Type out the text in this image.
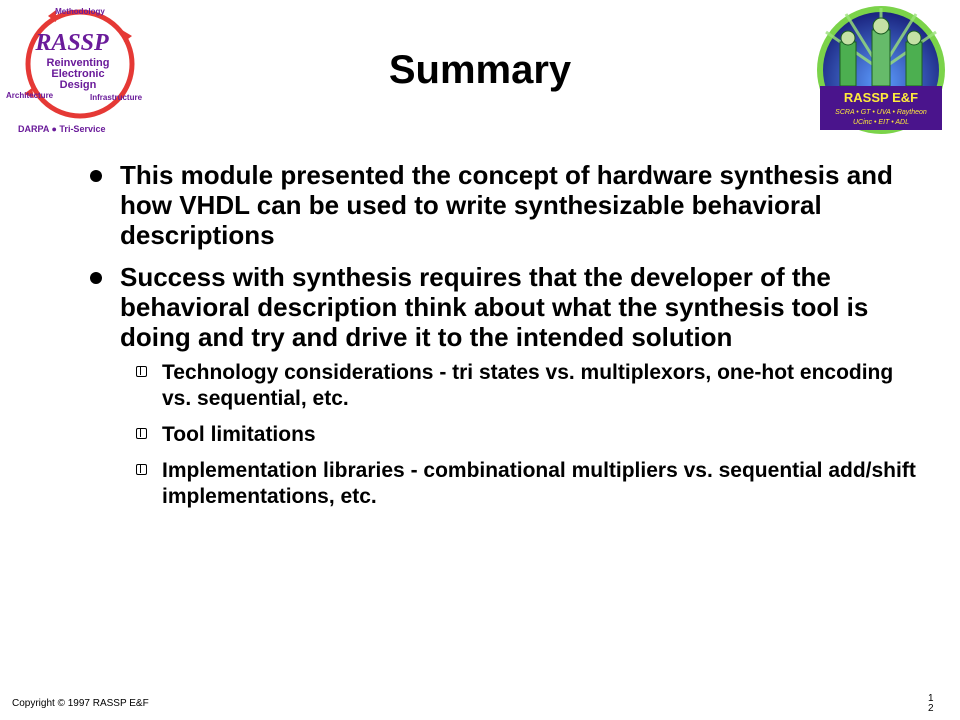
Methodology
RASSP
Reinventing
Electronic
Design
Architecture	Infrastructure
DARPA ● Tri-Service
RASSP E&F
SCRA • GT • UVA • Raytheon
UCinc • EIT • ADL
Summary
This module presented the concept of hardware synthesis and how VHDL can be used to write synthesizable behavioral descriptions
Success with synthesis requires that the developer of the behavioral description think about what the synthesis tool is doing and try and drive it to the intended solution
Technology considerations - tri states vs. multiplexors, one-hot encoding vs. sequential, etc.
Tool limitations
Implementation libraries - combinational multipliers vs. sequential add/shift implementations, etc.
Copyright © 1997 RASSP E&F	1 2
